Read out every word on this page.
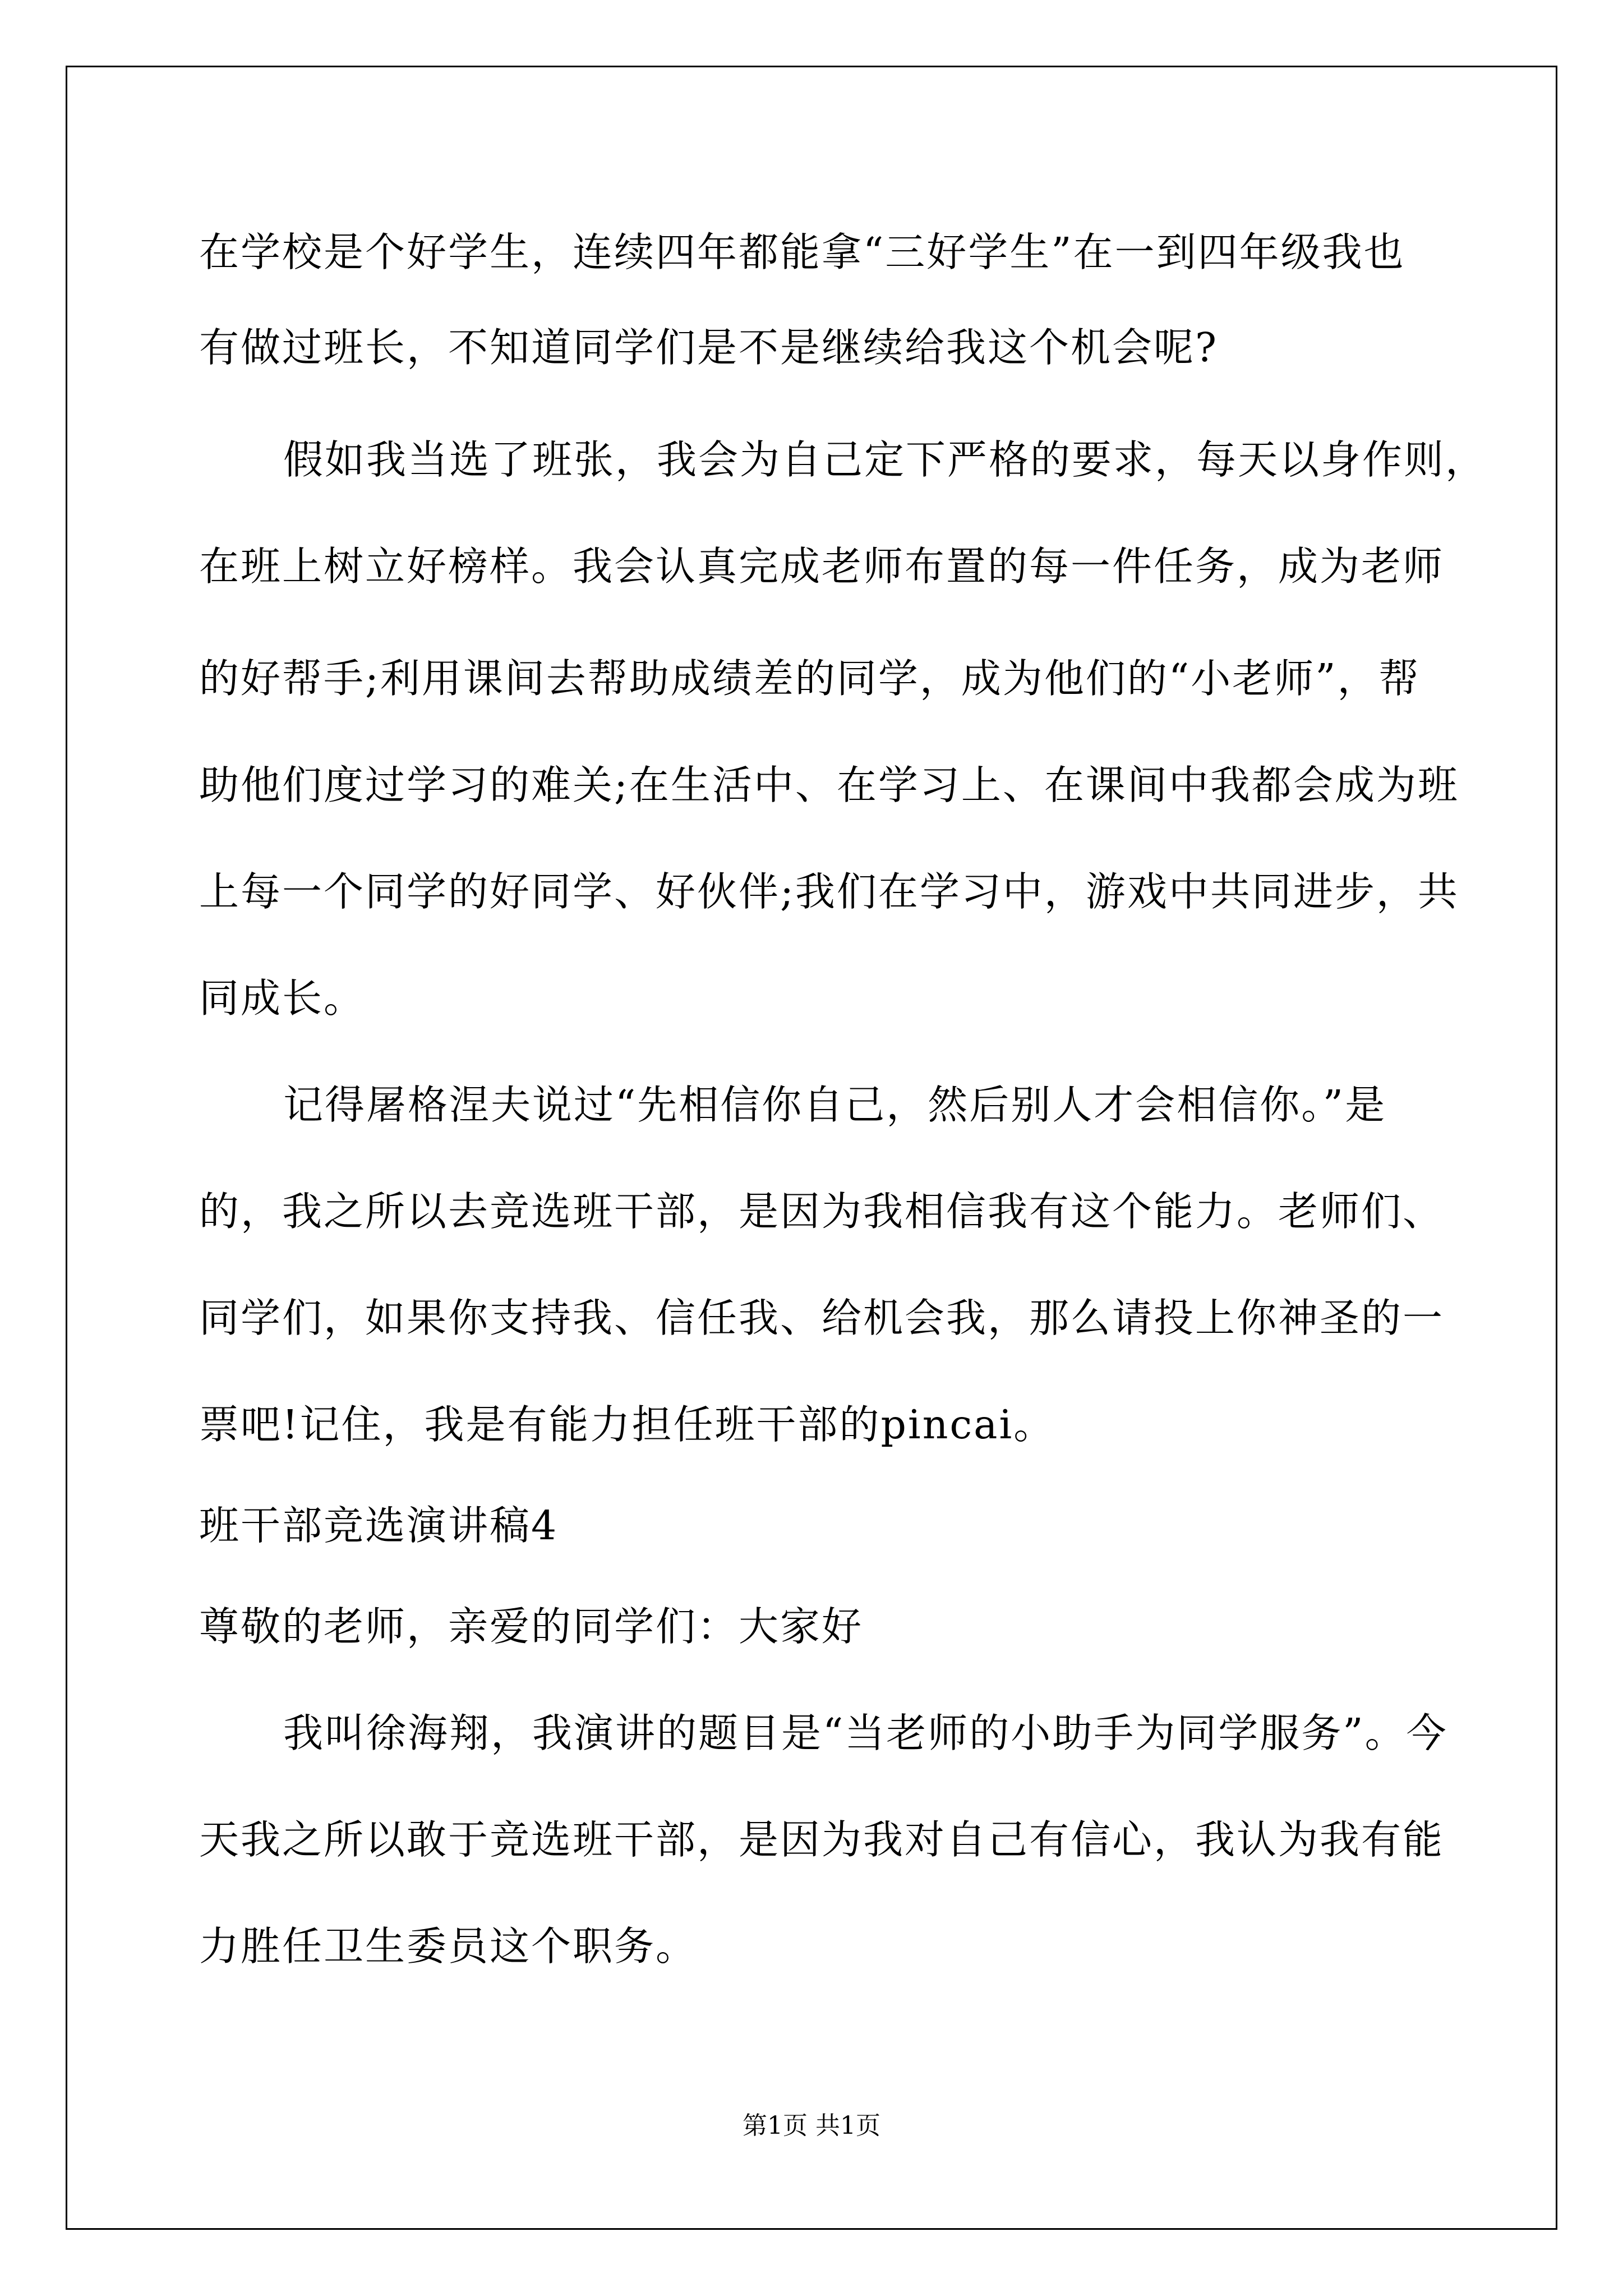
在学校是个好学生，连续四年都能拿“三好学生”在一到四年级我也
有做过班长，不知道同学们是不是继续给我这个机会呢?
假如我当选了班张，我会为自己定下严格的要求，每天以身作则，
在班上树立好榜样。我会认真完成老师布置的每一件任务，成为老师
的好帮手;利用课间去帮助成绩差的同学，成为他们的“小老师”，帮
助他们度过学习的难关;在生活中、在学习上、在课间中我都会成为班
上每一个同学的好同学、好伙伴;我们在学习中，游戏中共同进步，共
同成长。
记得屠格涅夫说过“先相信你自己，然后别人才会相信你。”是
的，我之所以去竞选班干部，是因为我相信我有这个能力。老师们、
同学们，如果你支持我、信任我、给机会我，那么请投上你神圣的一
票吧!记住，我是有能力担任班干部的pincai。
班干部竞选演讲稿4
尊敬的老师，亲爱的同学们：大家好
我叫徐海翔，我演讲的题目是“当老师的小助手为同学服务”。今
天我之所以敢于竞选班干部，是因为我对自己有信心，我认为我有能
力胜任卫生委员这个职务。
第1页 共1页
